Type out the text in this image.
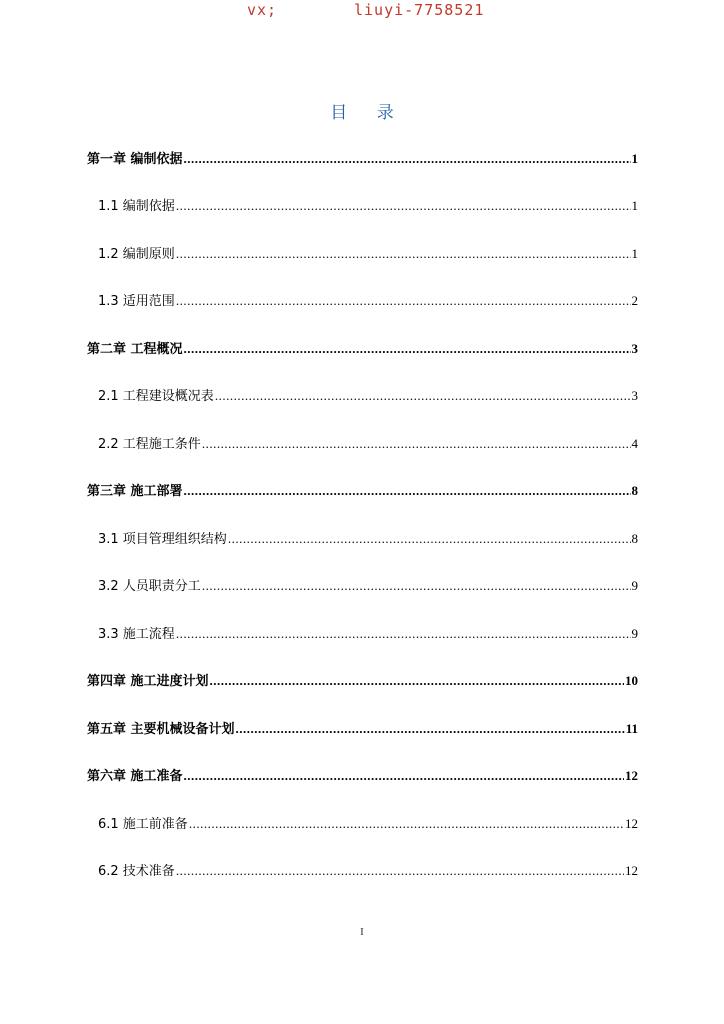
vx;	liuyi-7758521
目 录
第一章 编制依据 .....	1
1.1 编制依据 .....	1
1.2 编制原则 .....	1
1.3 适用范围 .....	2
第二章 工程概况 .....	3
2.1 工程建设概况表 .....	3
2.2 工程施工条件 .....	4
第三章 施工部署 .....	8
3.1 项目管理组织结构 .....	8
3.2 人员职责分工 .....	9
3.3 施工流程 .....	9
第四章 施工进度计划 .....	10
第五章 主要机械设备计划 .....	11
第六章 施工准备 .....	12
6.1 施工前准备 .....	12
6.2 技术准备 .....	12
I
